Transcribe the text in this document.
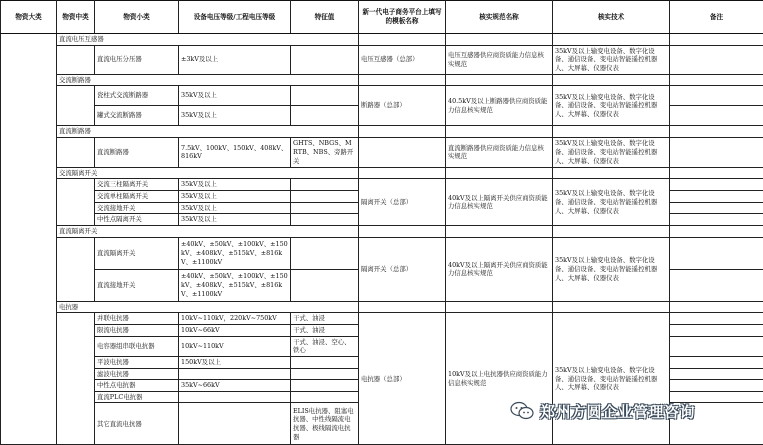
物资大类	物资中类	物资小类	设备电压等级/工程电压等级	特征值	新一代电子商务平台上填写的模板名称	核实规范名称	核实技术	备注
	直流电压互感器							
		直流电压分压器	±3kV及以上		电压互感器（总部）	电压互感器供应商资质能力信息核实规范	35kV及以上输变电设备、数字化设备、通信设备、变电站智能遥控机器人、大屏幕、仪器仪表	
	交流断路器							
		瓷柱式交流断路器	35kV及以上		断路器（总部）	40.5kV及以上断路器供应商资质能力信息核实规范	35kV及以上输变电设备、数字化设备、通信设备、变电站智能遥控机器人、大屏幕、仪器仪表	
		罐式交流断路器	35kV及以上					
	直流断路器							
		直流断路器	7.5kV、100kV、150kV、408kV、816kV	GHTS、NBGS、MRTB、NBS、旁路开关		直流断路器供应商资质能力信息核实规范	35kV及以上输变电设备、数字化设备、通信设备、变电站智能遥控机器人、大屏幕、仪器仪表	
	交流隔离开关							
		交流三柱隔离开关	35kV及以上		隔离开关（总部）	40kV及以上隔离开关供应商资质能力信息核实规范	35kV及以上输变电设备、数字化设备、通信设备、变电站智能遥控机器人、大屏幕、仪器仪表	
		交流单柱隔离开关	35kV及以上					
		交流接地开关	35kV及以上					
		中性点隔离开关	35kV及以上					
	直流隔离开关							
		直流隔离开关	±40kV、±50kV、±100kV、±150kV、±408kV、±515kV、±816kV、±1100kV		隔离开关（总部）	40kV及以上隔离开关供应商资质能力信息核实规范	35kV及以上输变电设备、数字化设备、通信设备、变电站智能遥控机器人、大屏幕、仪器仪表	
		直流接地开关	±40kV、±50kV、±100kV、±150kV、±408kV、±515kV、±816kV、±1100kV					
	电抗器							
		并联电抗器	10kV~110kV，220kV~750kV	干式、油浸	电抗器（总部）	10kV及以上电抗器供应商资质能力信息核实规范	35kV及以上输变电设备、数字化设备、通信设备、变电站智能遥控机器人、大屏幕、仪器仪表	
		限流电抗器	10kV~66kV	干式、油浸				
		电容器组串联电抗器	10kV~110kV	干式、油浸、空心、铁心				
		平波电抗器	150kV及以上					
		滤波电抗器						
		中性点电抗器	35kV~66kV					
		直流PLC电抗器						
		其它直流电抗器		ELIS电抗器、阻塞电抗器、中性线隔流电抗器、极线隔流电抗器				
郑州方圆企业管理咨询
